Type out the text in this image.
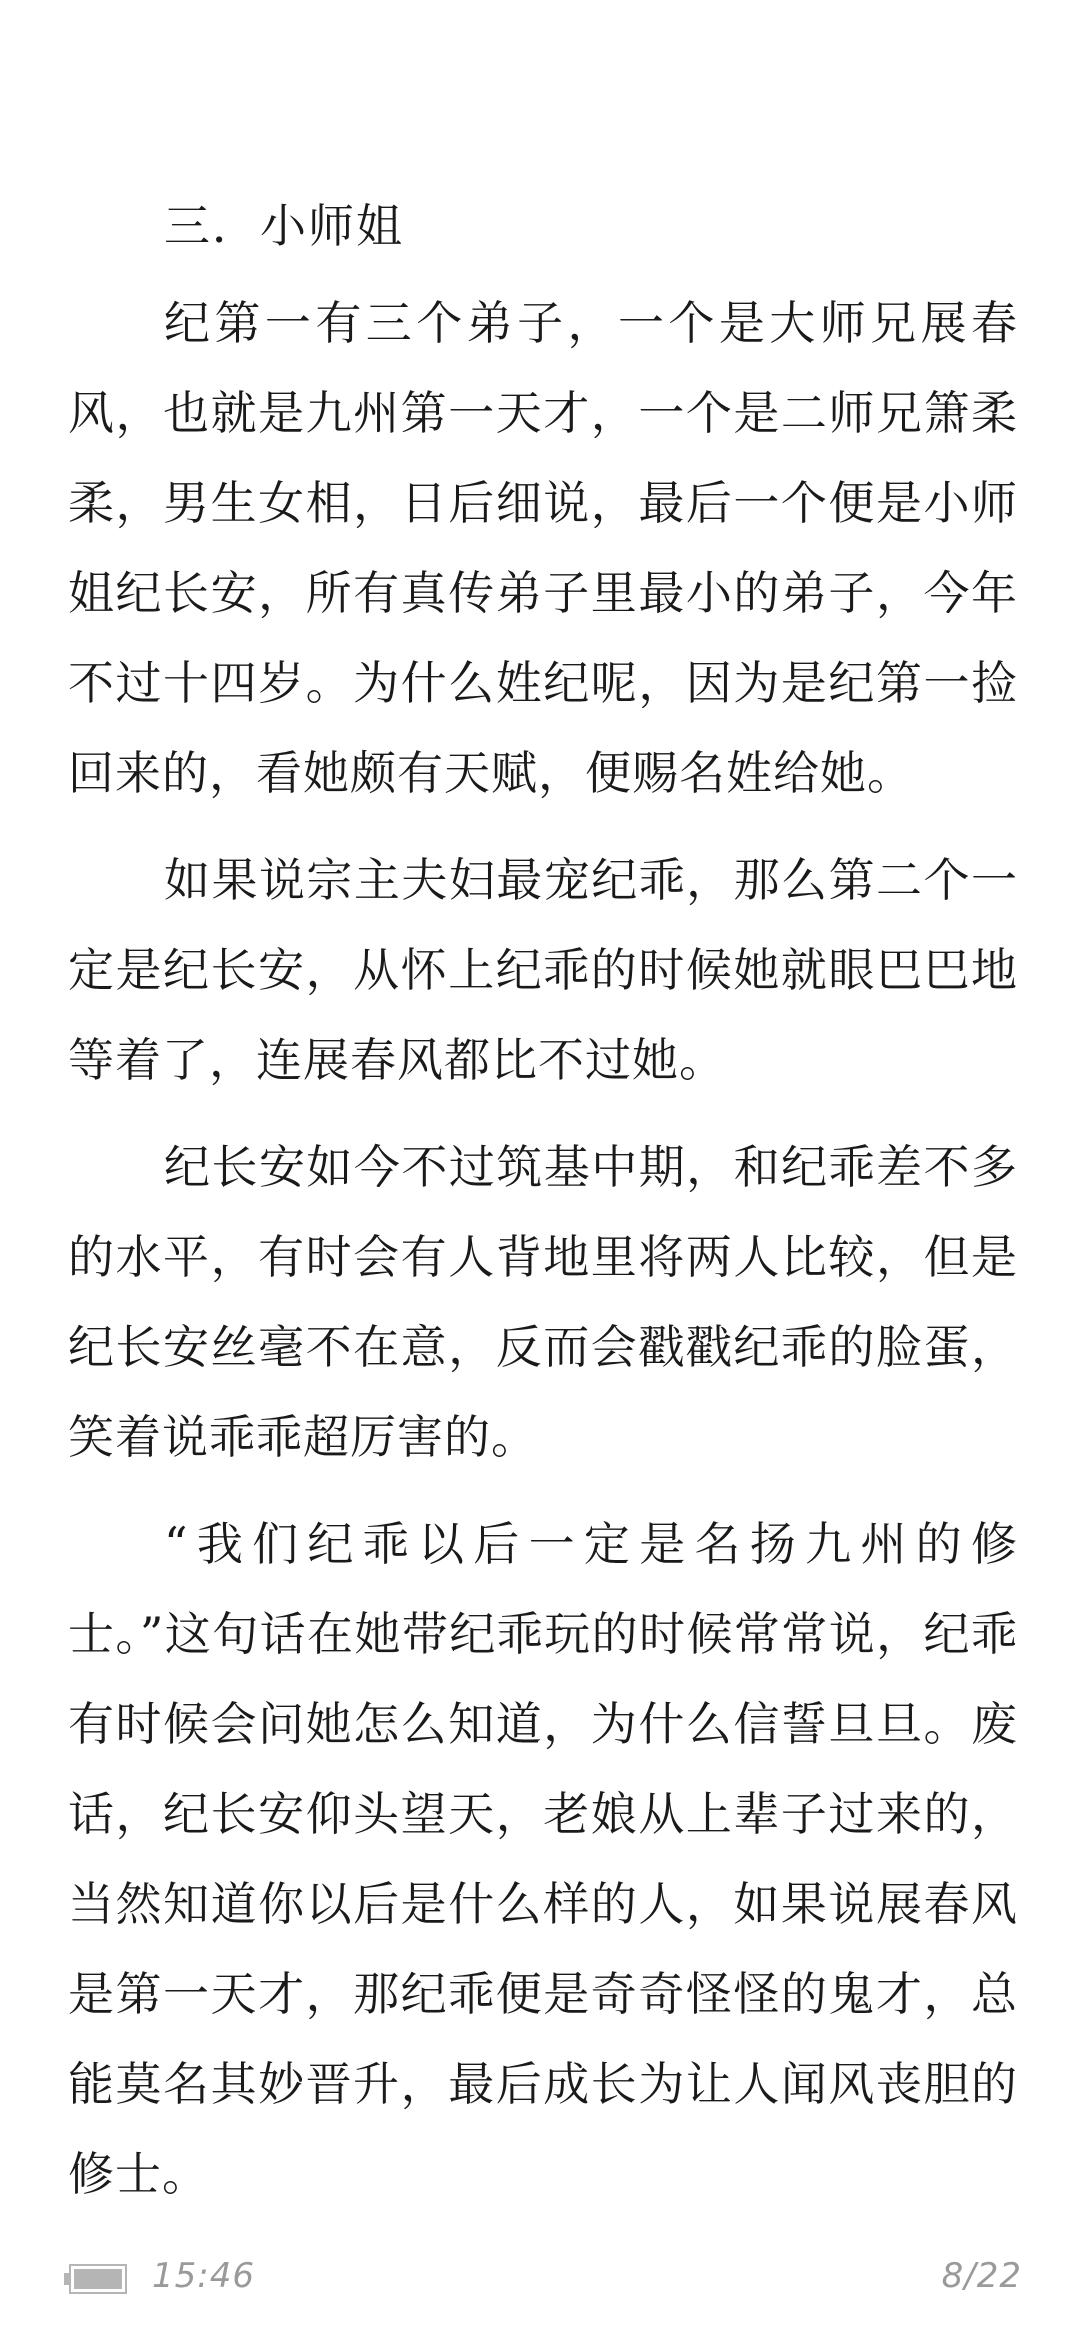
三．小师姐

纪第一有三个弟子，一个是大师兄展春风，也就是九州第一天才，一个是二师兄箫柔柔，男生女相，日后细说，最后一个便是小师姐纪长安，所有真传弟子里最小的弟子，今年不过十四岁。为什么姓纪呢，因为是纪第一捡回来的，看她颇有天赋，便赐名姓给她。

如果说宗主夫妇最宠纪乖，那么第二个一定是纪长安，从怀上纪乖的时候她就眼巴巴地等着了，连展春风都比不过她。

纪长安如今不过筑基中期，和纪乖差不多的水平，有时会有人背地里将两人比较，但是纪长安丝毫不在意，反而会戳戳纪乖的脸蛋，笑着说乖乖超厉害的。

“我们纪乖以后一定是名扬九州的修士。”这句话在她带纪乖玩的时候常常说，纪乖有时候会问她怎么知道，为什么信誓旦旦。废话，纪长安仰头望天，老娘从上辈子过来的，当然知道你以后是什么样的人，如果说展春风是第一天才，那纪乖便是奇奇怪怪的鬼才，总能莫名其妙晋升，最后成长为让人闻风丧胆的修士。

15:46	8/22
